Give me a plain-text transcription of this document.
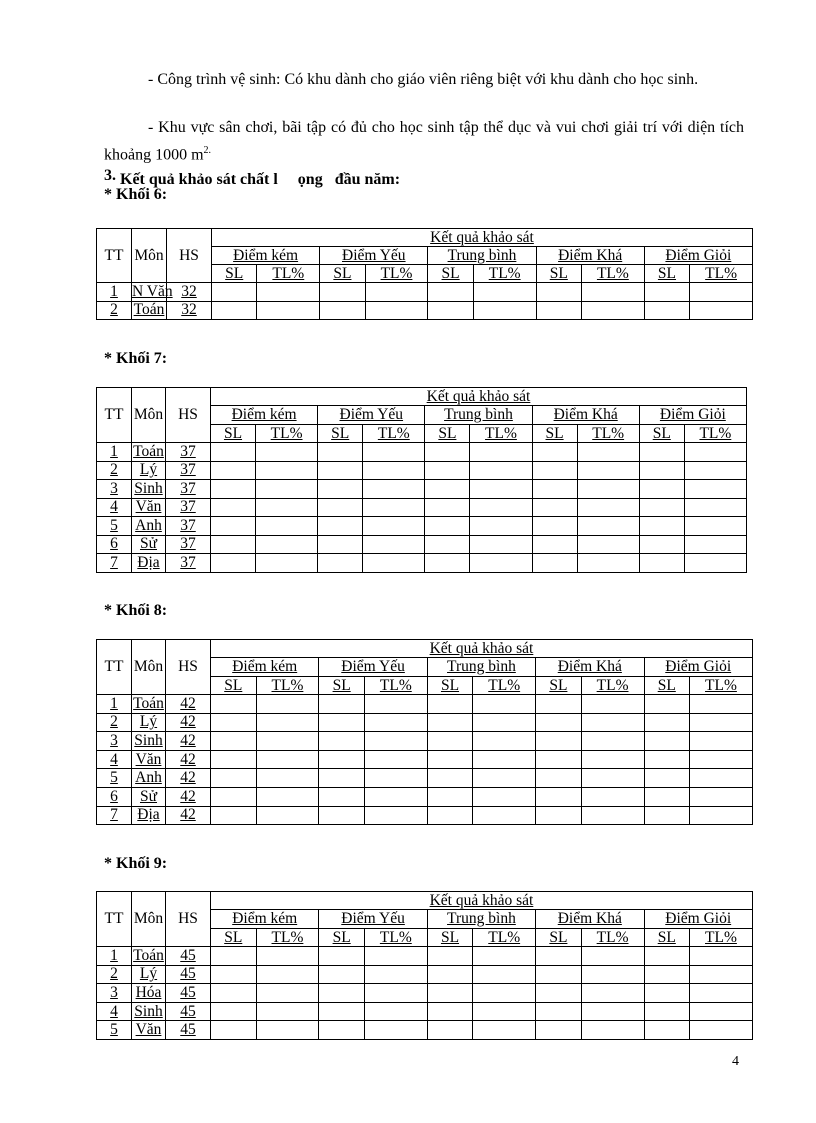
- Công trình vệ sinh: Có khu dành cho giáo viên riêng biệt với khu dành cho học sinh.

- Khu vực sân chơi, bãi tập có đủ cho học sinh tập thể dục và vui chơi giải trí với diện tích khoảng 1000 $m^{2.}$

3. Kết quả khảo sát chất l     ọng   đầu năm:

* Khối 6:

TT	Môn	HS	Kết quả khảo sát									
			Điểm kém		Điểm Yếu		Trung bình		Điểm Khá		Điểm Giỏi	
			SL	TL%	SL	TL%	SL	TL%	SL	TL%	SL	TL%
1	N Văn	32										
2	Toán	32										

* Khối 7:

TT	Môn	HS	Kết quả khảo sát									
			Điểm kém		Điểm Yếu		Trung bình		Điểm Khá		Điểm Giỏi	
			SL	TL%	SL	TL%	SL	TL%	SL	TL%	SL	TL%
1	Toán	37										
2	Lý	37										
3	Sinh	37										
4	Văn	37										
5	Anh	37										
6	Sử	37										
7	Địa	37										

* Khối 8:

TT	Môn	HS	Kết quả khảo sát									
			Điểm kém		Điểm Yếu		Trung bình		Điểm Khá		Điểm Giỏi	
			SL	TL%	SL	TL%	SL	TL%	SL	TL%	SL	TL%
1	Toán	42										
2	Lý	42										
3	Sinh	42										
4	Văn	42										
5	Anh	42										
6	Sử	42										
7	Địa	42										

* Khối 9:

TT	Môn	HS	Kết quả khảo sát									
			Điểm kém		Điểm Yếu		Trung bình		Điểm Khá		Điểm Giỏi	
			SL	TL%	SL	TL%	SL	TL%	SL	TL%	SL	TL%
1	Toán	45										
2	Lý	45										
3	Hóa	45										
4	Sinh	45										
5	Văn	45										
4
